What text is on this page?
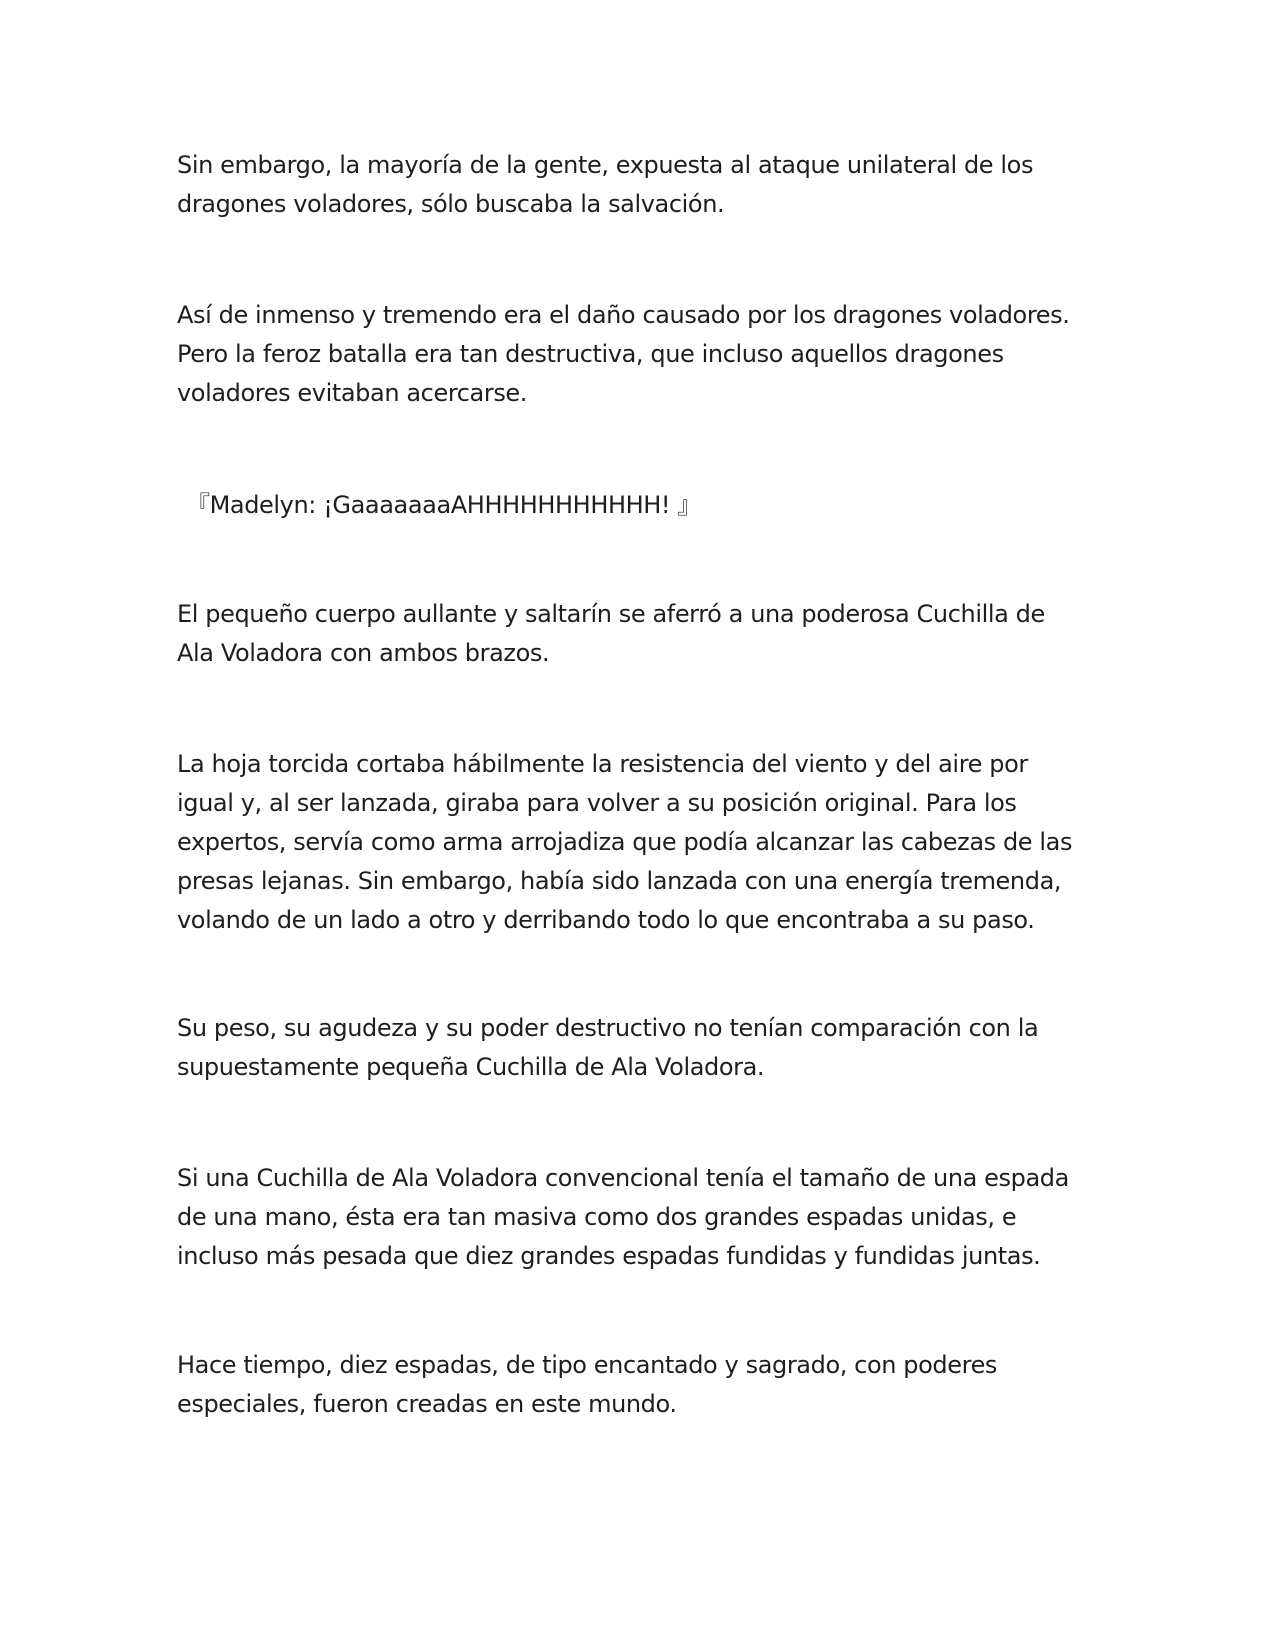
Sin embargo, la mayoría de la gente, expuesta al ataque unilateral de los
dragones voladores, sólo buscaba la salvación.

Así de inmenso y tremendo era el daño causado por los dragones voladores.
Pero la feroz batalla era tan destructiva, que incluso aquellos dragones
voladores evitaban acercarse.

『Madelyn: ¡GaaaaaaaAHHHHHHHHHHH! 』

El pequeño cuerpo aullante y saltarín se aferró a una poderosa Cuchilla de
Ala Voladora con ambos brazos.

La hoja torcida cortaba hábilmente la resistencia del viento y del aire por
igual y, al ser lanzada, giraba para volver a su posición original. Para los
expertos, servía como arma arrojadiza que podía alcanzar las cabezas de las
presas lejanas. Sin embargo, había sido lanzada con una energía tremenda,
volando de un lado a otro y derribando todo lo que encontraba a su paso.

Su peso, su agudeza y su poder destructivo no tenían comparación con la
supuestamente pequeña Cuchilla de Ala Voladora.

Si una Cuchilla de Ala Voladora convencional tenía el tamaño de una espada
de una mano, ésta era tan masiva como dos grandes espadas unidas, e
incluso más pesada que diez grandes espadas fundidas y fundidas juntas.

Hace tiempo, diez espadas, de tipo encantado y sagrado, con poderes
especiales, fueron creadas en este mundo.
